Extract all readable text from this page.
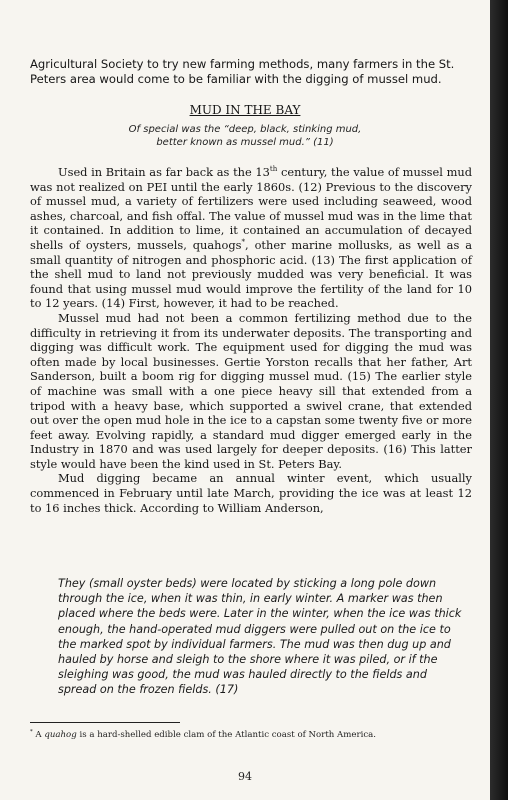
Agricultural Society to try new farming methods, many farmers in the St. Peters area would come to be familiar with the digging of mussel mud.
MUD IN THE BAY
Of special was the “deep, black, stinking mud,
better known as mussel mud.” (11)

Used in Britain as far back as the 13th century, the value of mussel mud was not realized on PEI until the early 1860s. (12) Previous to the discovery of mussel mud, a variety of fertilizers were used including seaweed, wood ashes, charcoal, and fish offal. The value of mussel mud was in the lime that it contained. In addition to lime, it contained an accumulation of decayed shells of oysters, mussels, quahogs*, other marine mollusks, as well as a small quantity of nitrogen and phosphoric acid. (13) The first application of the shell mud to land not previously mudded was very beneficial. It was found that using mussel mud would improve the fertility of the land for 10 to 12 years. (14) First, however, it had to be reached.

Mussel mud had not been a common fertilizing method due to the difficulty in retrieving it from its underwater deposits. The transporting and digging was difficult work. The equipment used for digging the mud was often made by local businesses. Gertie Yorston recalls that her father, Art Sanderson, built a boom rig for digging mussel mud. (15) The earlier style of machine was small with a one piece heavy sill that extended from a tripod with a heavy base, which supported a swivel crane, that extended out over the open mud hole in the ice to a capstan some twenty five or more feet away. Evolving rapidly, a standard mud digger emerged early in the Industry in 1870 and was used largely for deeper deposits. (16) This latter style would have been the kind used in St. Peters Bay.

Mud digging became an annual winter event, which usually commenced in February until late March, providing the ice was at least 12 to 16 inches thick. According to William Anderson,

They (small oyster beds) were located by sticking a long pole down through the ice, when it was thin, in early winter. A marker was then placed where the beds were. Later in the winter, when the ice was thick enough, the hand-operated mud diggers were pulled out on the ice to the marked spot by individual farmers. The mud was then dug up and hauled by horse and sleigh to the shore where it was piled, or if the sleighing was good, the mud was hauled directly to the fields and spread on the frozen fields. (17)
* A quahog is a hard-shelled edible clam of the Atlantic coast of North America.
94
